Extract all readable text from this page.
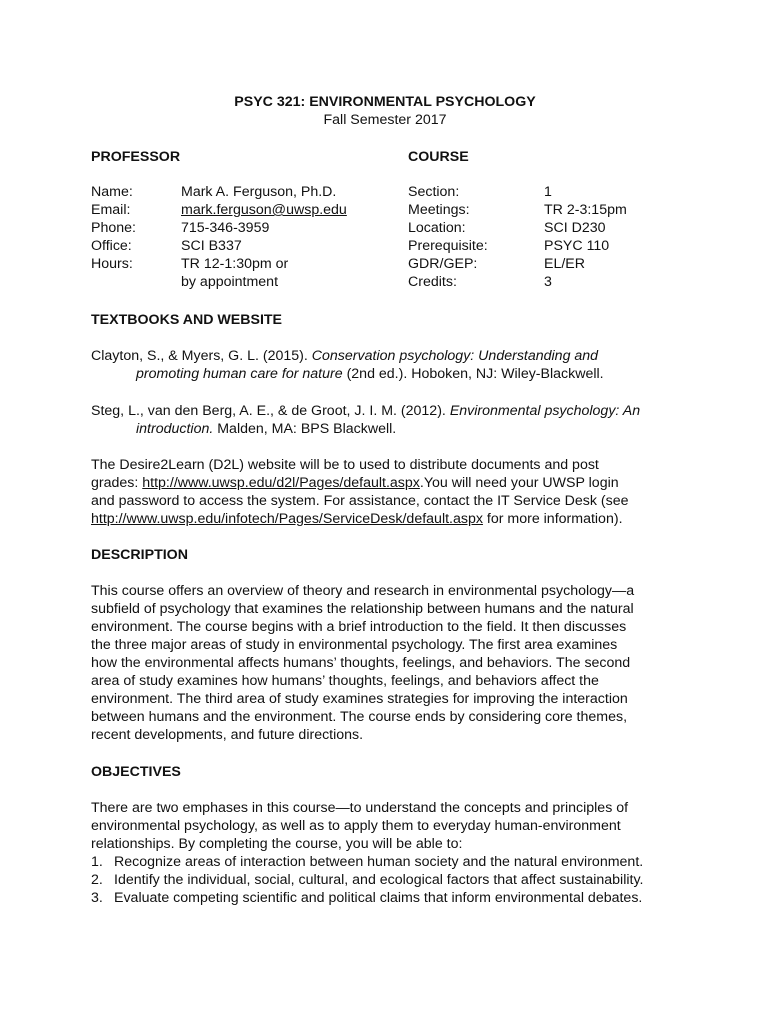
PSYC 321: ENVIRONMENTAL PSYCHOLOGY
Fall Semester 2017
PROFESSOR
Name:
Email:
Phone:
Office:
Hours:
Mark A. Ferguson, Ph.D.
mark.ferguson@uwsp.edu
715-346-3959
SCI B337
TR 12-1:30pm or
by appointment
COURSE
Section:
Meetings:
Location:
Prerequisite:
GDR/GEP:
Credits:
1
TR 2-3:15pm
SCI D230
PSYC 110
EL/ER
3
TEXTBOOKS AND WEBSITE
Clayton, S., & Myers, G. L. (2015). Conservation psychology: Understanding and
promoting human care for nature (2nd ed.). Hoboken, NJ: Wiley-Blackwell.
Steg, L., van den Berg, A. E., & de Groot, J. I. M. (2012). Environmental psychology: An
introduction. Malden, MA: BPS Blackwell.
The Desire2Learn (D2L) website will be to used to distribute documents and post
grades: http://www.uwsp.edu/d2l/Pages/default.aspx.You will need your UWSP login
and password to access the system. For assistance, contact the IT Service Desk (see
http://www.uwsp.edu/infotech/Pages/ServiceDesk/default.aspx for more information).
DESCRIPTION
This course offers an overview of theory and research in environmental psychology—a
subfield of psychology that examines the relationship between humans and the natural
environment. The course begins with a brief introduction to the field. It then discusses
the three major areas of study in environmental psychology. The first area examines
how the environmental affects humans’ thoughts, feelings, and behaviors. The second
area of study examines how humans’ thoughts, feelings, and behaviors affect the
environment. The third area of study examines strategies for improving the interaction
between humans and the environment. The course ends by considering core themes,
recent developments, and future directions.
OBJECTIVES
There are two emphases in this course—to understand the concepts and principles of
environmental psychology, as well as to apply them to everyday human-environment
relationships. By completing the course, you will be able to:
1. Recognize areas of interaction between human society and the natural environment.
2. Identify the individual, social, cultural, and ecological factors that affect sustainability.
3. Evaluate competing scientific and political claims that inform environmental debates.
